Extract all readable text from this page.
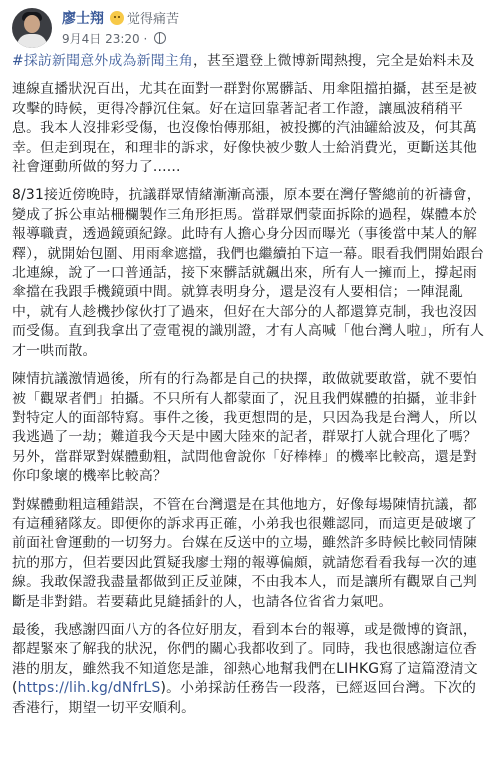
廖士翔 觉得痛苦
9月4日 23:20 ·

#採訪新聞意外成為新聞主角，甚至還登上微博新聞熱搜，完全是始料未及

連線直播狀況百出，尤其在面對一群對你罵髒話、用傘阻擋拍攝，甚至是被攻擊的時候，更得冷靜沉住氣。好在這回靠著記者工作證，讓風波稍稍平息。我本人沒排彩受傷，也沒像怡傳那組，被投擲的汽油罐給波及，何其萬幸。但走到現在，和理非的訴求，好像快被少數人士給消費光，更斷送其他社會運動所做的努力了......

8/31接近傍晚時，抗議群眾情緒漸漸高漲，原本要在灣仔警總前的祈禱會，變成了拆公車站柵欄製作三角形拒馬。當群眾們蒙面拆除的過程，媒體本於報導職責，透過鏡頭紀錄。此時有人擔心身分因而曝光（事後當中某人的解釋），就開始包圍、用雨傘遮擋，我們也繼續拍下這一幕。眼看我們開始跟台北連線，說了一口普通話，接下來髒話就飆出來，所有人一擁而上，撐起雨傘擋在我跟手機鏡頭中間。就算表明身分，還是沒有人要相信；一陣混亂中，就有人趁機抄傢伙打了過來，但好在大部分的人都還算克制，我也沒因而受傷。直到我拿出了壹電視的識別證，才有人高喊「他台灣人啦」，所有人才一哄而散。

陳情抗議激情過後，所有的行為都是自己的抉擇，敢做就要敢當，就不要怕被「觀眾者們」拍攝。不只所有人都蒙面了，況且我們媒體的拍攝，並非針對特定人的面部特寫。事件之後，我更想問的是，只因為我是台灣人，所以我逃過了一劫；難道我今天是中國大陸來的記者，群眾打人就合理化了嗎？另外，當群眾對媒體動粗，試問他會說你「好棒棒」的機率比較高，還是對你印象壞的機率比較高？

對媒體動粗這種錯誤，不管在台灣還是在其他地方，好像每場陳情抗議，都有這種豬隊友。即便你的訴求再正確，小弟我也很難認同，而這更是破壞了前面社會運動的一切努力。台媒在反送中的立場，雖然許多時候比較同情陳抗的那方，但若要因此質疑我廖士翔的報導偏頗，就請您看看我每一次的連線。我敢保證我盡量都做到正反並陳，不由我本人，而是讓所有觀眾自己判斷是非對錯。若要藉此見縫插針的人，也請各位省省力氣吧。

最後，我感謝四面八方的各位好朋友，看到本台的報導，或是微博的資訊，都趕緊來了解我的狀況，你們的關心我都收到了。同時，我也很感謝這位香港的朋友，雖然我不知道您是誰，卻熱心地幫我們在LIHKG寫了這篇澄清文(https://lih.kg/dNfrLS)。小弟採訪任務告一段落，已經返回台灣。下次的香港行，期望一切平安順利。
